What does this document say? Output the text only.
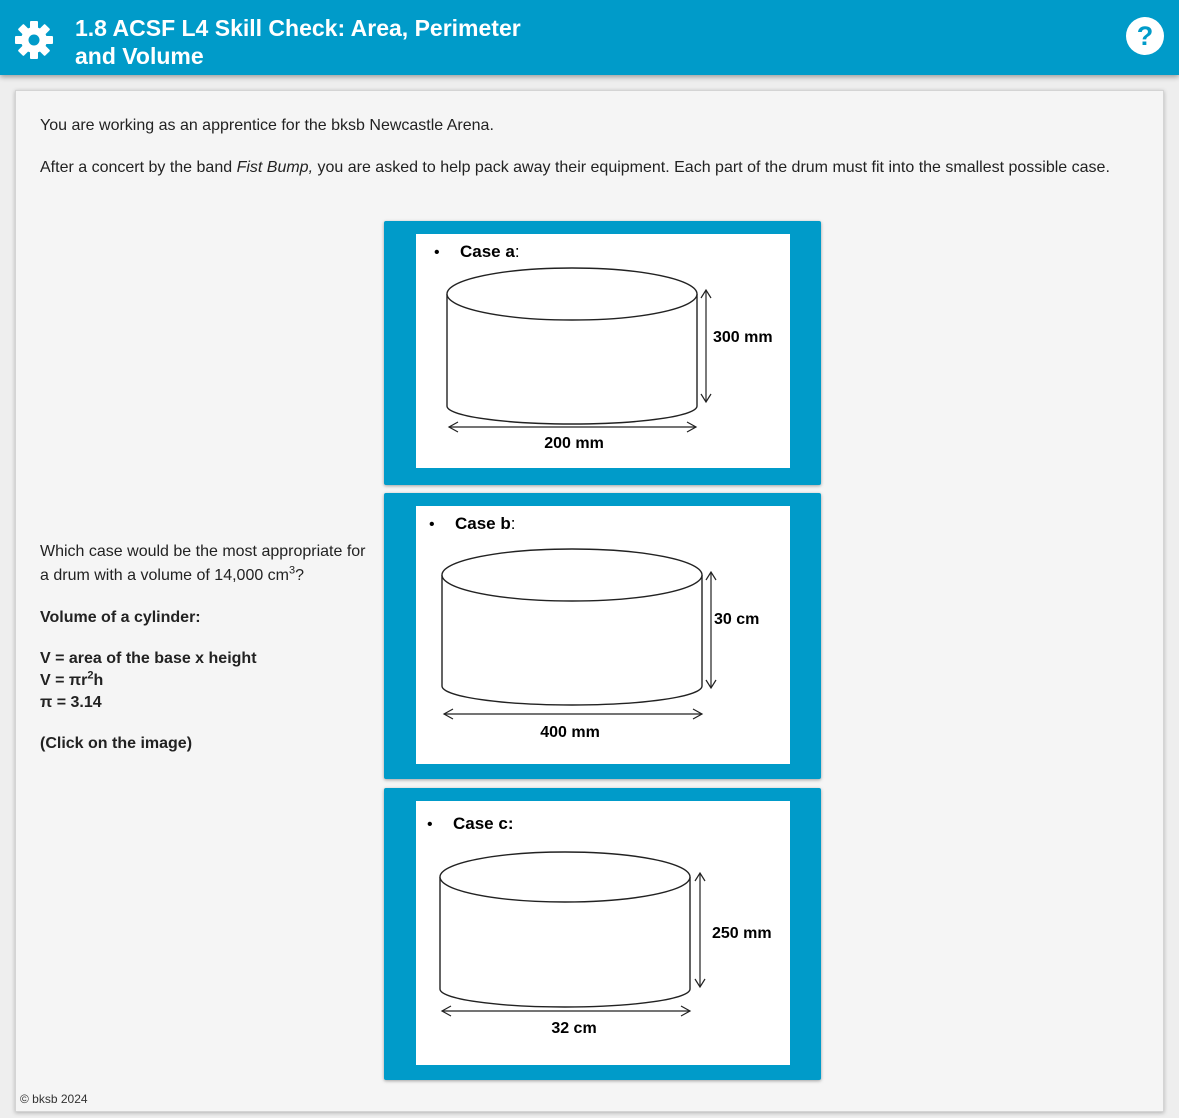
1.8 ACSF L4 Skill Check: Area, Perimeter and Volume
?

You are working as an apprentice for the bksb Newcastle Arena.

After a concert by the band Fist Bump, you are asked to help pack away their equipment. Each part of the drum must fit into the smallest possible case.

Which case would be the most appropriate for a drum with a volume of 14,000 $cm^3$?

Volume of a cylinder:

V = area of the base x height

$V = \pi r^2h$

π = 3.14

(Click on the image)

• Case a:
300 mm
200 mm
• Case b:
30 cm
400 mm
• Case c:
250 mm
32 cm
© bksb 2024
